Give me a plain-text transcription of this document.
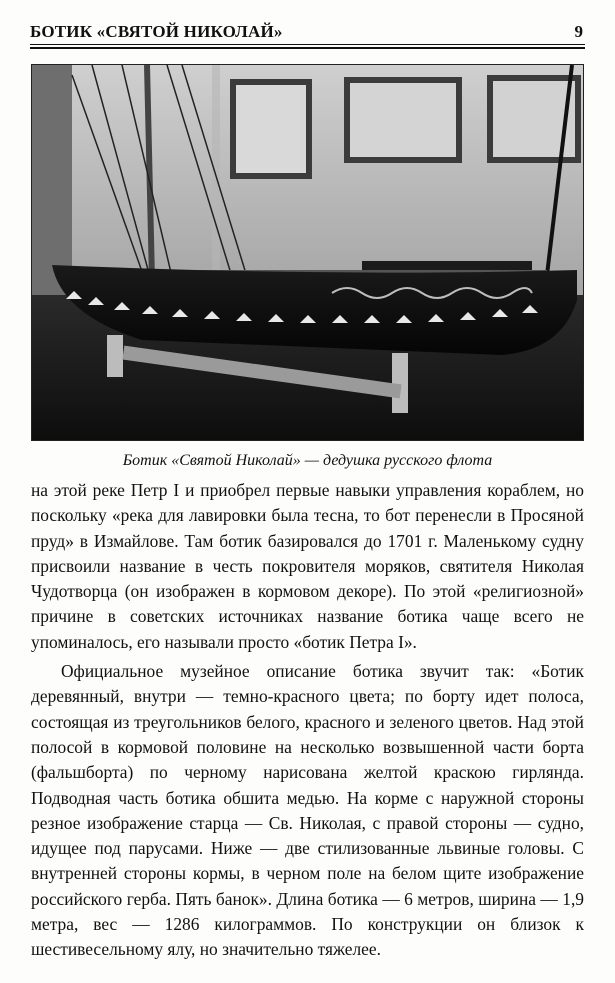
БОТИК «СВЯТОЙ НИКОЛАЙ»	9
Ботик «Святой Николай» — дедушка русского флота

на этой реке Петр I и приобрел первые навыки управления кораблем, но поскольку «река для лавировки была тесна, то бот перенесли в Просяной пруд» в Измайлове. Там ботик базировался до 1701 г. Маленькому судну присвоили название в честь покровителя моряков, святителя Николая Чудотворца (он изображен в кормовом декоре). По этой «религиозной» причине в советских источниках название ботика чаще всего не упоминалось, его называли просто «ботик Петра I».

Официальное музейное описание ботика звучит так: «Ботик деревянный, внутри — темно-красного цвета; по борту идет полоса, состоящая из треугольников белого, красного и зеленого цветов. Над этой полосой в кормовой половине на несколько возвышенной части борта (фальшборта) по черному нарисована желтой краскою гирлянда. Подводная часть ботика обшита медью. На корме с наружной стороны резное изображение старца — Св. Николая, с правой стороны — судно, идущее под парусами. Ниже — две стилизованные львиные головы. С внутренней стороны кормы, в черном поле на белом щите изображение российского герба. Пять банок». Длина ботика — 6 метров, ширина — 1,9 метра, вес — 1286 килограммов. По конструкции он близок к шестивесельному ялу, но значительно тяжелее.
